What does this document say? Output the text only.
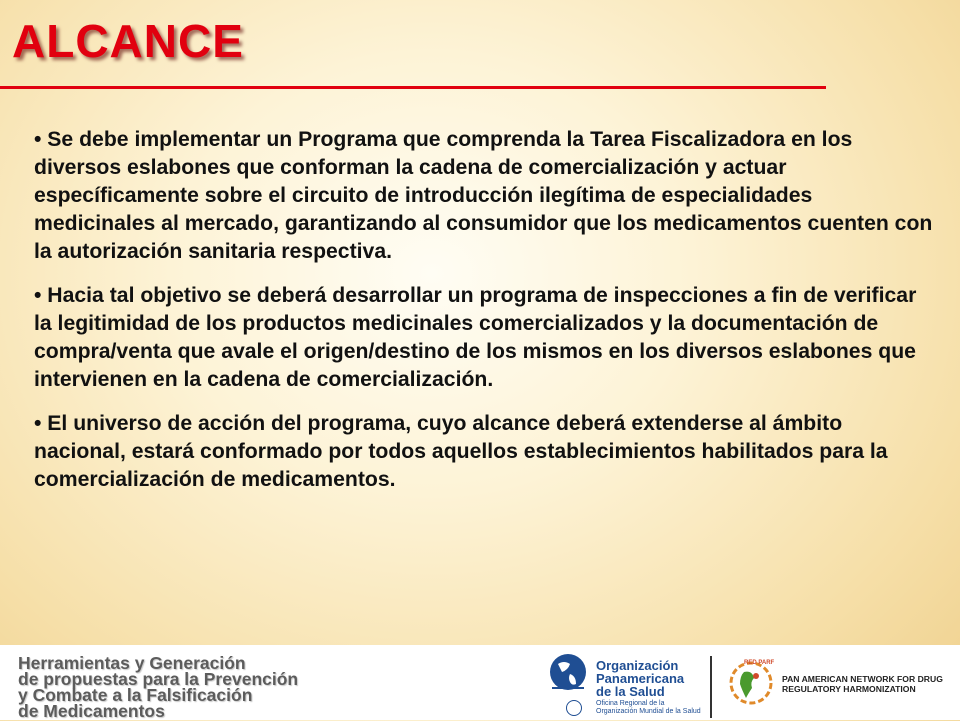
ALCANCE

• Se debe implementar un Programa que comprenda la Tarea Fiscalizadora en los diversos eslabones que conforman la cadena de comercialización y actuar específicamente sobre el circuito de introducción ilegítima de especialidades medicinales al mercado, garantizando al consumidor que los medicamentos cuenten con la autorización sanitaria respectiva.

• Hacia tal objetivo se deberá desarrollar un programa de inspecciones a fin de verificar la legitimidad de los productos medicinales comercializados y la documentación de compra/venta que avale el origen/destino de los mismos en los diversos eslabones que intervienen en la cadena de comercialización.

• El universo de acción del programa, cuyo alcance deberá extenderse al ámbito nacional, estará conformado por todos aquellos establecimientos habilitados para la comercialización de medicamentos.

Herramientas y Generación
de propuestas para la Prevención
y Combate a la Falsificación
de Medicamentos
Organización
Panamericana
de la Salud
Oficina Regional de la
Organización Mundial de la Salud
RED PARF
PAN AMERICAN NETWORK FOR DRUG
REGULATORY HARMONIZATION
